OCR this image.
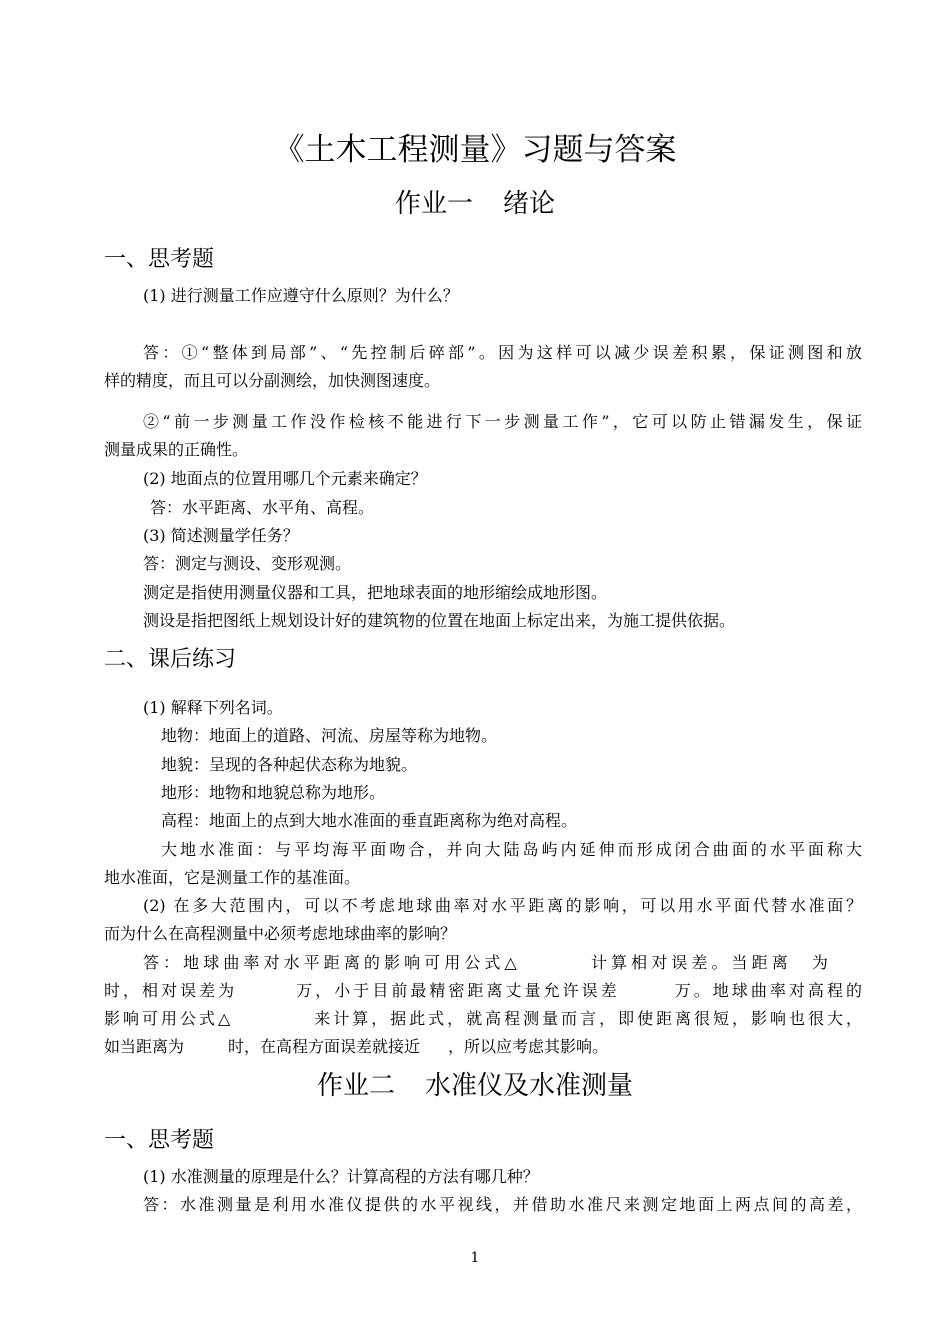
《土木工程测量》习题与答案
作业一 绪论
一、思考题
(1) 进行测量工作应遵守什么原则？为什么？
答：①“整体到局部”、“先控制后碎部”。因为这样可以减少误差积累，保证测图和放
样的精度，而且可以分副测绘，加快测图速度。
②“前一步测量工作没作检核不能进行下一步测量工作”，它可以防止错漏发生，保证
测量成果的正确性。
(2) 地面点的位置用哪几个元素来确定？
答：水平距离、水平角、高程。
(3) 简述测量学任务？
答：测定与测设、变形观测。
测定是指使用测量仪器和工具，把地球表面的地形缩绘成地形图。
测设是指把图纸上规划设计好的建筑物的位置在地面上标定出来，为施工提供依据。
二、课后练习
(1) 解释下列名词。
地物：地面上的道路、河流、房屋等称为地物。
地貌：呈现的各种起伏态称为地貌。
地形：地物和地貌总称为地形。
高程：地面上的点到大地水准面的垂直距离称为绝对高程。
大地水准面：与平均海平面吻合，并向大陆岛屿内延伸而形成闭合曲面的水平面称大
地水准面，它是测量工作的基准面。
(2) 在多大范围内，可以不考虑地球曲率对水平距离的影响，可以用水平面代替水准面？
而为什么在高程测量中必须考虑地球曲率的影响？
答：地球曲率对水平距离的影响可用公式△	计算相对误差。当距离 为
时，相对误差为	万，小于目前最精密距离丈量允许误差	万。地球曲率对高程的
影响可用公式△	来计算，据此式，就高程测量而言，即使距离很短，影响也很大，
如当距离为	时，在高程方面误差就接近 ，所以应考虑其影响。
作业二 水准仪及水准测量
一、思考题
(1) 水准测量的原理是什么？计算高程的方法有哪几种？
答：水准测量是利用水准仪提供的水平视线，并借助水准尺来测定地面上两点间的高差，
1
